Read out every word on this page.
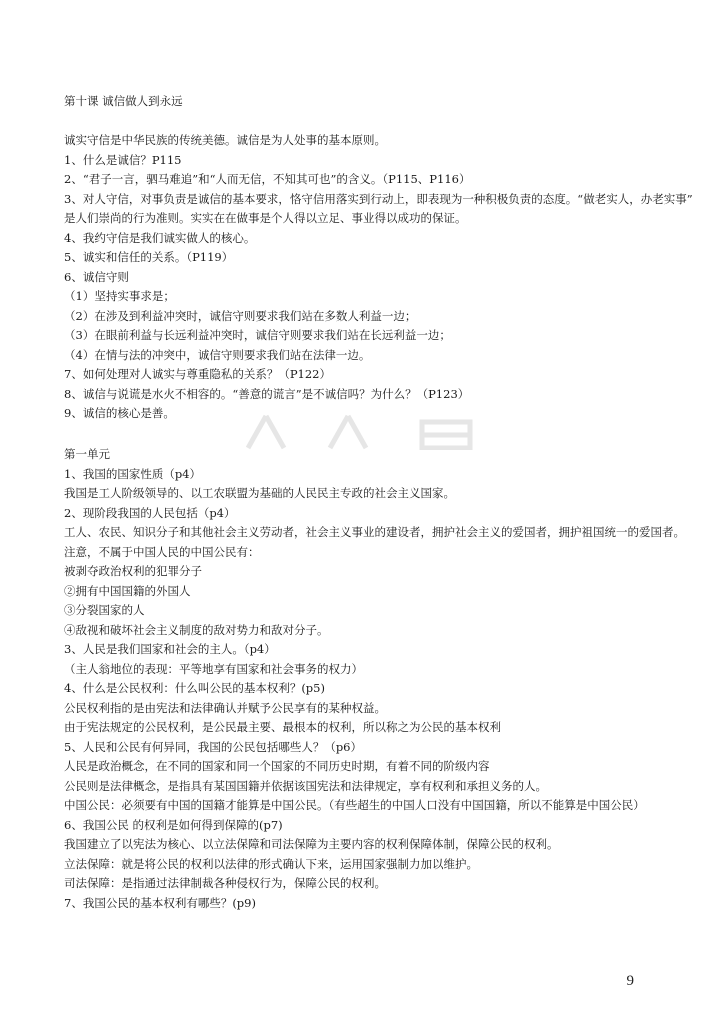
第十课 诚信做人到永远
诚实守信是中华民族的传统美德。诚信是为人处事的基本原则。
1、什么是诚信？P115
2、“君子一言，驷马难追”和“人而无信，不知其可也”的含义。（P115、P116）
3、对人守信，对事负责是诚信的基本要求，恪守信用落实到行动上，即表现为一种积极负责的态度。“做老实人，办老实事”
是人们崇尚的行为准则。实实在在做事是个人得以立足、事业得以成功的保证。
4、我约守信是我们诚实做人的核心。
5、诚实和信任的关系。（P119）
6、诚信守则
（1）坚持实事求是；
（2）在涉及到利益冲突时，诚信守则要求我们站在多数人利益一边；
（3）在眼前利益与长远利益冲突时，诚信守则要求我们站在长远利益一边；
（4）在情与法的冲突中，诚信守则要求我们站在法律一边。
7、如何处理对人诚实与尊重隐私的关系？（P122）
8、诚信与说谎是水火不相容的。“善意的谎言”是不诚信吗？为什么？（P123）
9、诚信的核心是善。
第一单元
1、我国的国家性质（p4）
我国是工人阶级领导的、以工农联盟为基础的人民民主专政的社会主义国家。
2、现阶段我国的人民包括（p4）
工人、农民、知识分子和其他社会主义劳动者，社会主义事业的建设者，拥护社会主义的爱国者，拥护祖国统一的爱国者。
注意，不属于中国人民的中国公民有：
被剥夺政治权利的犯罪分子
②拥有中国国籍的外国人
③分裂国家的人
④敌视和破坏社会主义制度的敌对势力和敌对分子。
3、人民是我们国家和社会的主人。（p4）
（主人翁地位的表现：平等地享有国家和社会事务的权力）
4、什么是公民权利：什么叫公民的基本权利？(p5)
公民权利指的是由宪法和法律确认并赋予公民享有的某种权益。
由于宪法规定的公民权利，是公民最主要、最根本的权利，所以称之为公民的基本权利
5、人民和公民有何异同，我国的公民包括哪些人？（p6）
人民是政治概念，在不同的国家和同一个国家的不同历史时期，有着不同的阶级内容
公民则是法律概念，是指具有某国国籍并依据该国宪法和法律规定，享有权利和承担义务的人。
中国公民：必须要有中国的国籍才能算是中国公民。（有些超生的中国人口没有中国国籍，所以不能算是中国公民）
6、我国公民 的权利是如何得到保障的(p7)
我国建立了以宪法为核心、以立法保障和司法保障为主要内容的权利保障体制，保障公民的权利。
立法保障：就是将公民的权利以法律的形式确认下来，运用国家强制力加以维护。
司法保障：是指通过法律制裁各种侵权行为，保障公民的权利。
7、我国公民的基本权利有哪些？(p9)
9
